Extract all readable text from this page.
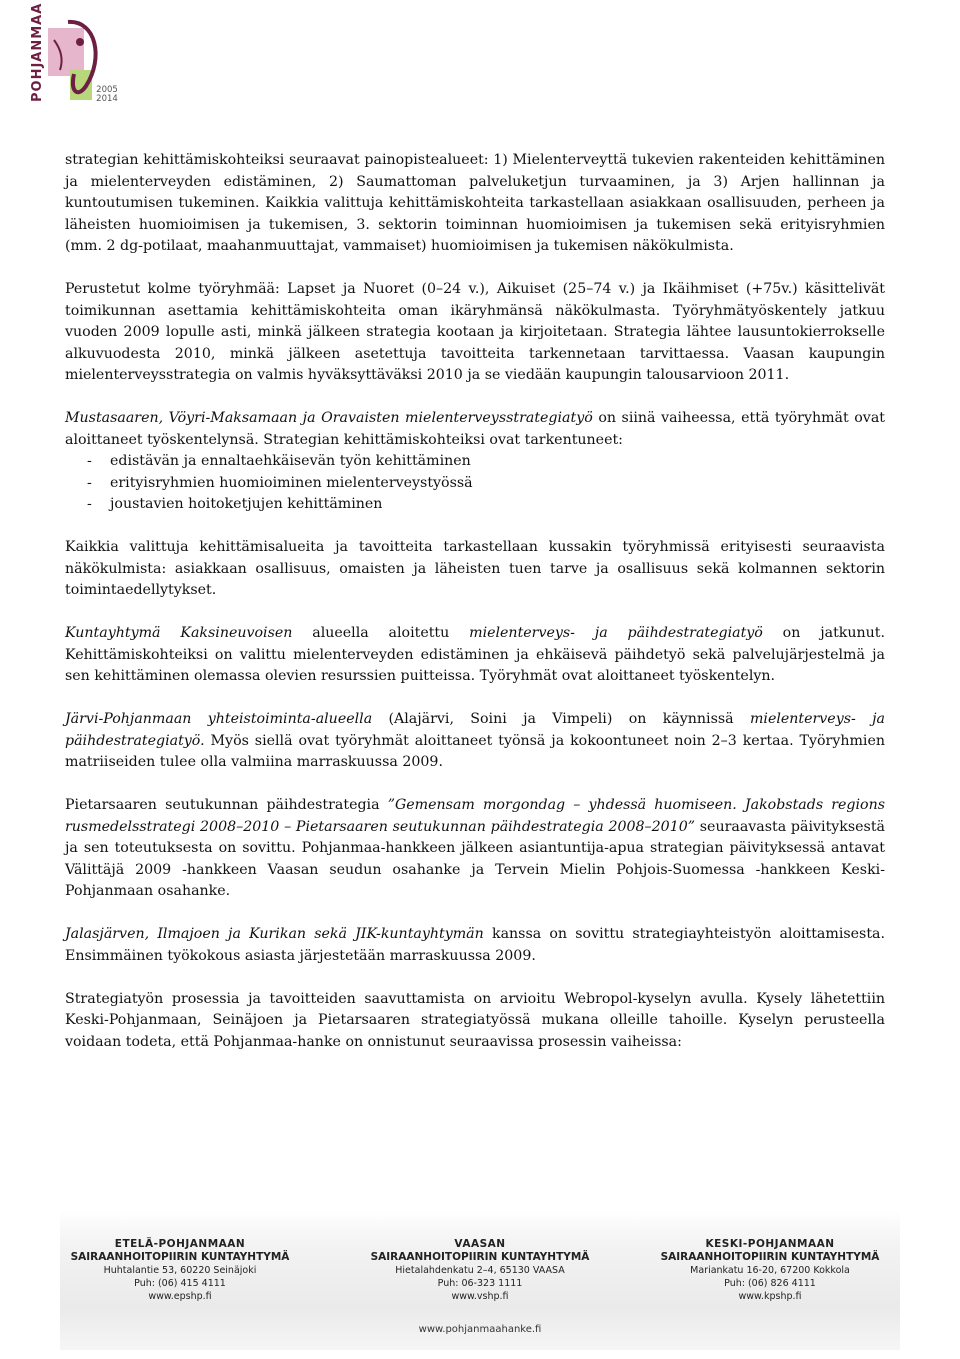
POHJANMAA	2005
2014

strategian kehittämiskohteiksi seuraavat painopistealueet: 1) Mielenterveyttä tukevien rakenteiden kehittäminen ja mielenterveyden edistäminen, 2) Saumattoman palveluketjun turvaaminen, ja 3) Arjen hallinnan ja kuntoutumisen tukeminen. Kaikkia valittuja kehittämiskohteita tarkastellaan asiakkaan osallisuuden, perheen ja läheisten huomioimisen ja tukemisen, 3. sektorin toiminnan huomioimisen ja tukemisen sekä erityisryhmien (mm. 2 dg-potilaat, maahanmuuttajat, vammaiset) huomioimisen ja tukemisen näkökulmista.

Perustetut kolme työryhmää: Lapset ja Nuoret (0–24 v.), Aikuiset (25–74 v.) ja Ikäihmiset (+75v.) käsittelivät toimikunnan asettamia kehittämiskohteita oman ikäryhmänsä näkökulmasta. Työryhmätyöskentely jatkuu vuoden 2009 lopulle asti, minkä jälkeen strategia kootaan ja kirjoitetaan. Strategia lähtee lausuntokierrokselle alkuvuodesta 2010, minkä jälkeen asetettuja tavoitteita tarkennetaan tarvittaessa. Vaasan kaupungin mielenterveysstrategia on valmis hyväksyttäväksi 2010 ja se viedään kaupungin talousarvioon 2011.

Mustasaaren, Vöyri-Maksamaan ja Oravaisten mielenterveysstrategiatyö on siinä vaiheessa, että työryhmät ovat aloittaneet työskentelynsä. Strategian kehittämiskohteiksi ovat tarkentuneet:

- edistävän ja ennaltaehkäisevän työn kehittäminen
- erityisryhmien huomioiminen mielenterveystyössä
- joustavien hoitoketjujen kehittäminen

Kaikkia valittuja kehittämisalueita ja tavoitteita tarkastellaan kussakin työryhmissä erityisesti seuraavista näkökulmista: asiakkaan osallisuus, omaisten ja läheisten tuen tarve ja osallisuus sekä kolmannen sektorin toimintaedellytykset.

Kuntayhtymä Kaksineuvoisen alueella aloitettu mielenterveys- ja päihdestrategiatyö on jatkunut. Kehittämiskohteiksi on valittu mielenterveyden edistäminen ja ehkäisevä päihdetyö sekä palvelujärjestelmä ja sen kehittäminen olemassa olevien resurssien puitteissa. Työryhmät ovat aloittaneet työskentelyn.

Järvi-Pohjanmaan yhteistoiminta-alueella (Alajärvi, Soini ja Vimpeli) on käynnissä mielenterveys- ja päihdestrategiatyö. Myös siellä ovat työryhmät aloittaneet työnsä ja kokoontuneet noin 2–3 kertaa. Työryhmien matriiseiden tulee olla valmiina marraskuussa 2009.

Pietarsaaren seutukunnan päihdestrategia ”Gemensam morgondag – yhdessä huomiseen. Jakobstads regions rusmedelsstrategi 2008–2010 – Pietarsaaren seutukunnan päihdestrategia 2008–2010” seuraavasta päivityksestä ja sen toteutuksesta on sovittu. Pohjanmaa-hankkeen jälkeen asiantuntija-apua strategian päivityksessä antavat Välittäjä 2009 -hankkeen Vaasan seudun osahanke ja Tervein Mielin Pohjois-Suomessa -hankkeen Keski-Pohjanmaan osahanke.

Jalasjärven, Ilmajoen ja Kurikan sekä JIK-kuntayhtymän kanssa on sovittu strategiayhteistyön aloittamisesta. Ensimmäinen työkokous asiasta järjestetään marraskuussa 2009.

Strategiatyön prosessia ja tavoitteiden saavuttamista on arvioitu Webropol-kyselyn avulla. Kysely lähetettiin Keski-Pohjanmaan, Seinäjoen ja Pietarsaaren strategiatyössä mukana olleille tahoille. Kyselyn perusteella voidaan todeta, että Pohjanmaa-hanke on onnistunut seuraavissa prosessin vaiheissa:

ETELÄ-POHJANMAAN
SAIRAANHOITOPIIRIN KUNTAYHTYMÄ
Huhtalantie 53, 60220 Seinäjoki
Puh: (06) 415 4111
www.epshp.fi
VAASAN
SAIRAANHOITOPIIRIN KUNTAYHTYMÄ
Hietalahdenkatu 2–4, 65130 VAASA
Puh: 06-323 1111
www.vshp.fi
KESKI-POHJANMAAN
SAIRAANHOITOPIIRIN KUNTAYHTYMÄ
Mariankatu 16-20, 67200 Kokkola
Puh: (06) 826 4111
www.kpshp.fi
www.pohjanmaahanke.fi
